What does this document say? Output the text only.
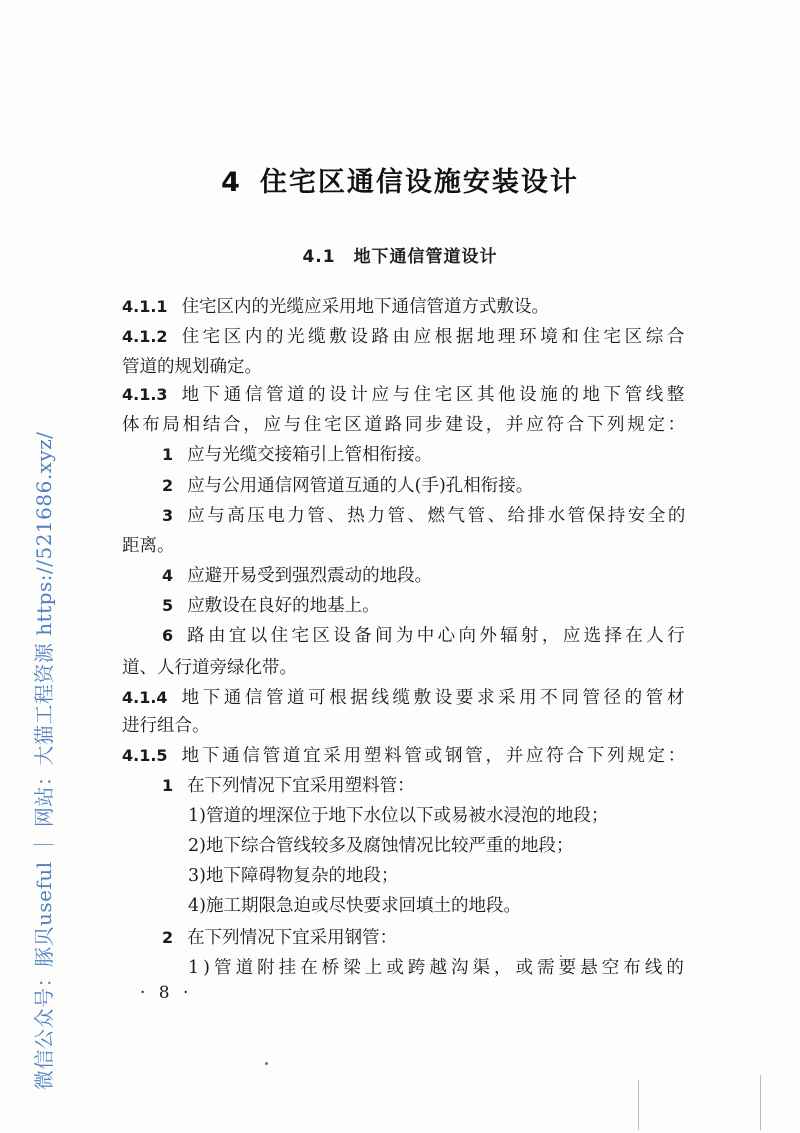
4 住宅区通信设施安装设计
4.1 地下通信管道设计
4.1.1 住宅区内的光缆应采用地下通信管道方式敷设。
4.1.2 住宅区内的光缆敷设路由应根据地理环境和住宅区综合
管道的规划确定。
4.1.3 地下通信管道的设计应与住宅区其他设施的地下管线整
体布局相结合，应与住宅区道路同步建设，并应符合下列规定：
1 应与光缆交接箱引上管相衔接。
2 应与公用通信网管道互通的人(手)孔相衔接。
3 应与高压电力管、热力管、燃气管、给排水管保持安全的
距离。
4 应避开易受到强烈震动的地段。
5 应敷设在良好的地基上。
6 路由宜以住宅区设备间为中心向外辐射，应选择在人行
道、人行道旁绿化带。
4.1.4 地下通信管道可根据线缆敷设要求采用不同管径的管材
进行组合。
4.1.5 地下通信管道宜采用塑料管或钢管，并应符合下列规定：
1 在下列情况下宜采用塑料管：
1)管道的埋深位于地下水位以下或易被水浸泡的地段；
2)地下综合管线较多及腐蚀情况比较严重的地段；
3)地下障碍物复杂的地段；
4)施工期限急迫或尽快要求回填土的地段。
2 在下列情况下宜采用钢管：
1)管道附挂在桥梁上或跨越沟渠，或需要悬空布线的
· 8 ·
微信公众号：豚贝useful ｜ 网站：大猫工程资源 https://521686.xyz/
